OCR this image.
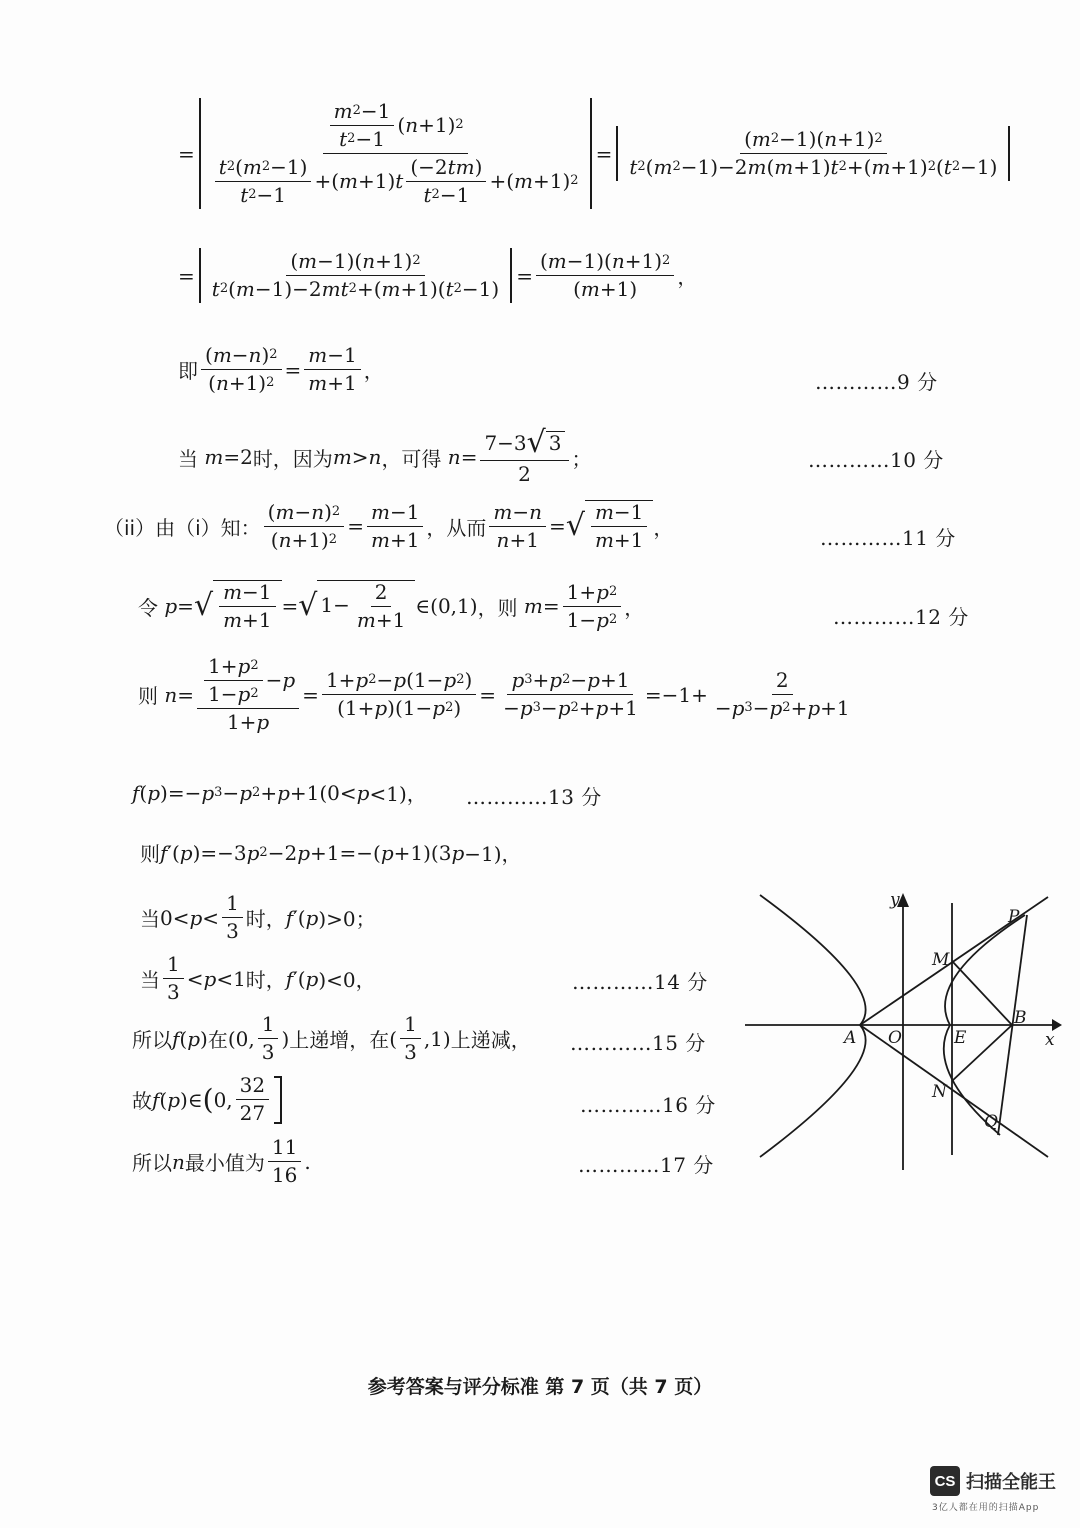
= $\frac{\frac{m 2 -1}{t 2 -1} ( n +1) 2}{\frac{t 2 ( m 2 -1)}{t 2 -1} +( m +1) t \frac{(-2 tm )}{t 2 -1} +( m +1) 2} = \frac{( m 2 -1)( n +1) 2}{t 2 ( m 2 -1)-2 m ( m +1) t 2 +( m +1) 2 ( t 2 -1)}$
= $\frac{( m -1)( n +1) 2}{t 2 ( m -1)-2 mt 2 +( m +1)( t 2 -1)} = \frac{( m -1)( n +1) 2}{( m +1)}$ ，
即 $\frac{( m - n ) 2}{( n +1) 2} = \frac{m -1}{m +1}$ ，	…………9 分
当
m =2 时，因为 m > n ，可得
$n = \frac{7-3 √ 3}{2}$ ；	…………10 分
（ii）由（i）知： $\frac{( m - n ) 2}{( n +1) 2} = \frac{m -1}{m +1}$ ，从而 $\frac{m - n}{n +1}$ = √ $\frac{m -1}{m +1}$ ，	…………11 分
令
p = √ $\frac{m -1}{m +1}$ = √ $1- \frac{2}{m +1}$ ∈(0,1) ，则
$m = \frac{1+ p 2}{1- p 2}$ ，	…………12 分
则
$n = \frac{\frac{1+ p 2}{1- p 2} - p}{1+ p} = \frac{1+ p 2 - p (1- p 2 )}{(1+ p )(1- p 2 )} = \frac{p 3 + p 2 - p +1}{- p 3 - p 2 + p +1} =-1+ \frac{2}{- p 3 - p 2 + p +1}$
f ( p )=− p 3 − p 2 + p +1(0< p <1)， …………13 分
则 f ′( p )=−3 p 2 −2 p +1=−( p +1)(3 p −1)，
当 $0< p < \frac{1}{3}$ 时， f ′( p )>0；
当 $\frac{1}{3} < p <1$ 时， f ′( p )<0，	…………14 分
所以 f ( p ) 在 (0, $\frac{1}{3}$ ) 上递增，在 ( $\frac{1}{3} ,1$) 上递减， …………15 分
故 f ( p )∈ ( 0, $\frac{32}{27}$	…………16 分
所以 n 最小值为 $\frac{11}{16}$ .	…………17 分
y
x
P
M
B
A O	E
N
Q
参考答案与评分标准 第 7 页（共 7 页）
CS 扫描全能王
3亿人都在用的扫描App
